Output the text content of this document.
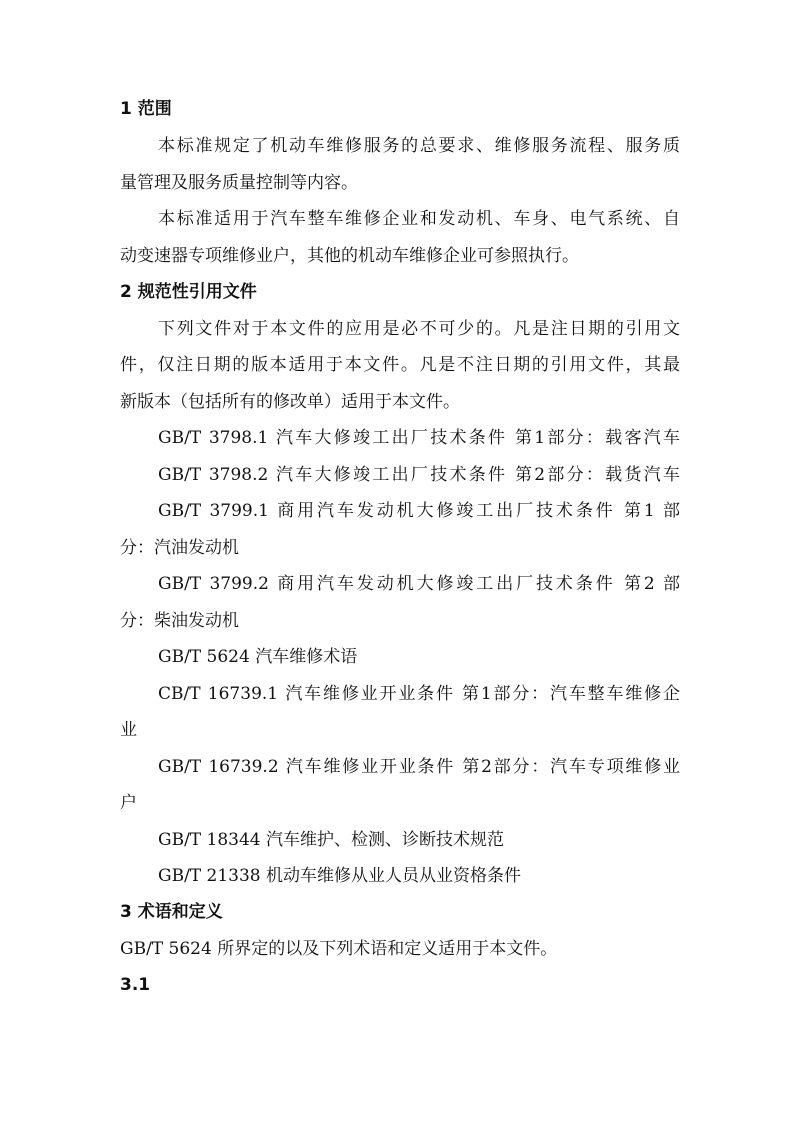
1 范围
本标准规定了机动车维修服务的总要求、维修服务流程、服务质
量管理及服务质量控制等内容。
本标准适用于汽车整车维修企业和发动机、车身、电气系统、自
动变速器专项维修业户，其他的机动车维修企业可参照执行。
2 规范性引用文件
下列文件对于本文件的应用是必不可少的。凡是注日期的引用文
件，仅注日期的版本适用于本文件。凡是不注日期的引用文件，其最
新版本（包括所有的修改单）适用于本文件。
GB/T 3798.1 汽车大修竣工出厂技术条件 第1部分：载客汽车
GB/T 3798.2 汽车大修竣工出厂技术条件 第2部分：载货汽车
GB/T 3799.1 商用汽车发动机大修竣工出厂技术条件 第1 部
分：汽油发动机
GB/T 3799.2 商用汽车发动机大修竣工出厂技术条件 第2 部
分：柴油发动机
GB/T 5624 汽车维修术语
CB/T 16739.1 汽车维修业开业条件 第1部分：汽车整车维修企
业
GB/T 16739.2 汽车维修业开业条件 第2部分：汽车专项维修业
户
GB/T 18344 汽车维护、检测、诊断技术规范
GB/T 21338 机动车维修从业人员从业资格条件
3 术语和定义
GB/T 5624 所界定的以及下列术语和定义适用于本文件。
3.1
